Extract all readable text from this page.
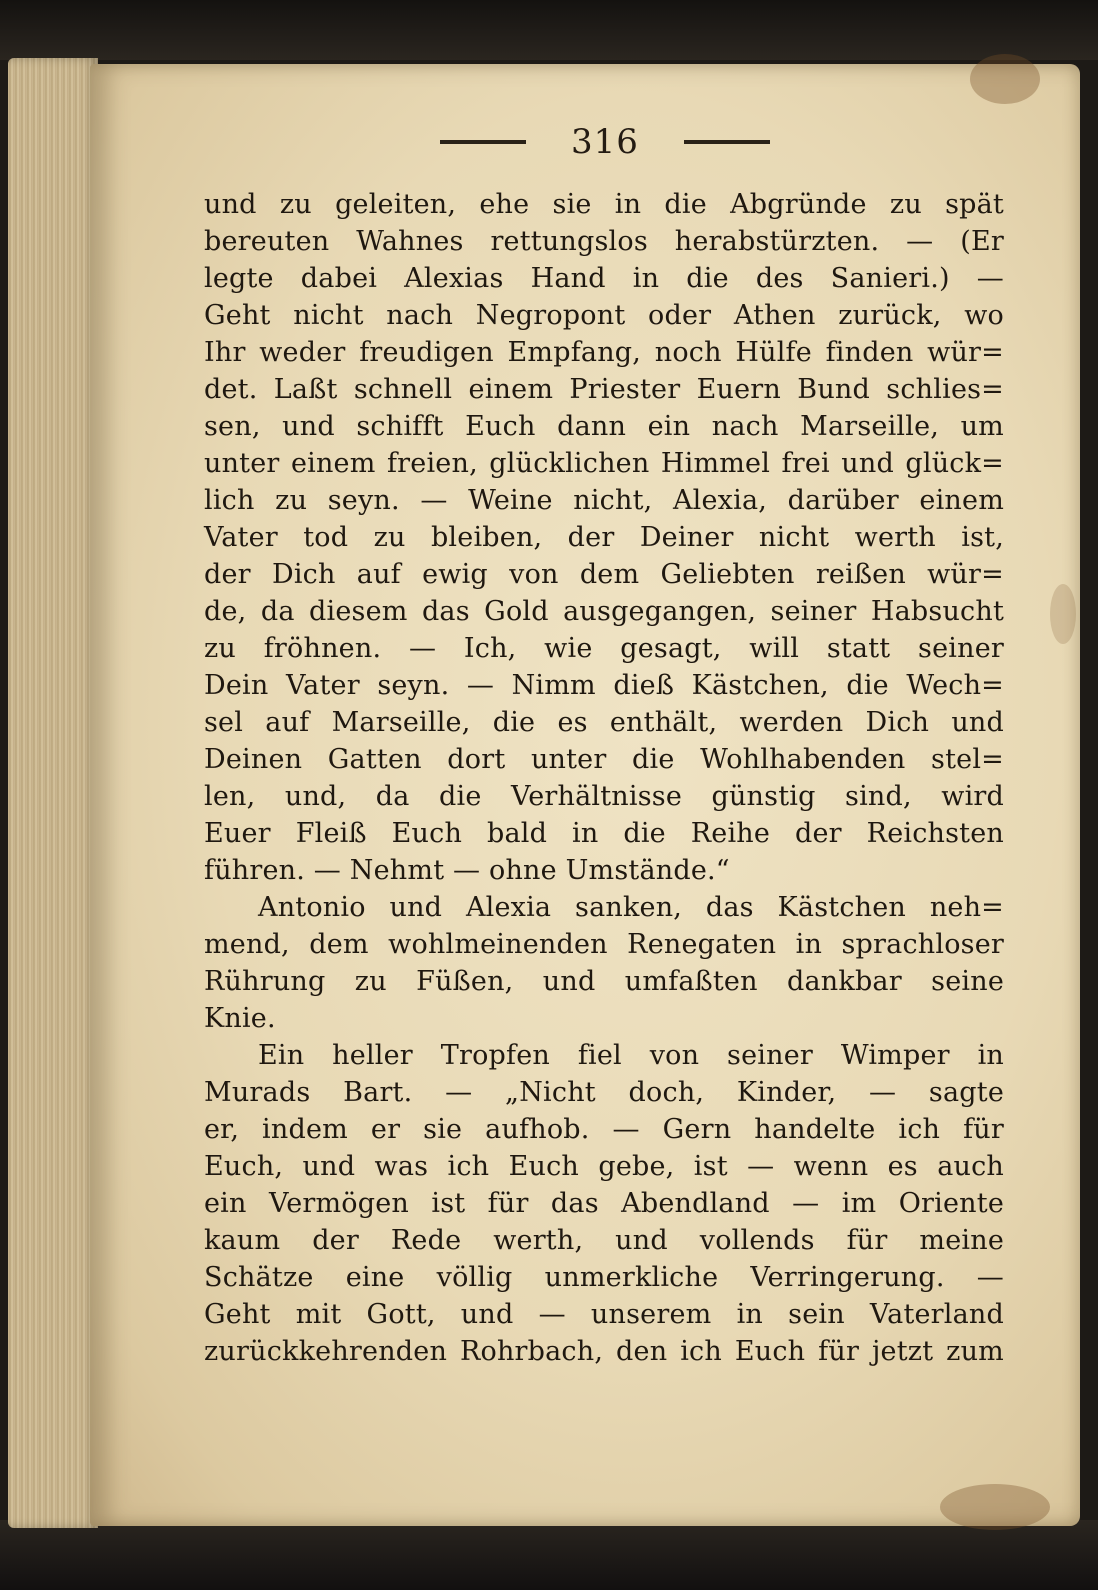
316
und zu geleiten, ehe sie in die Abgründe zu spät
bereuten Wahnes rettungslos herabstürzten. — (Er
legte dabei Alexias Hand in die des Sanieri.) —
Geht nicht nach Negropont oder Athen zurück, wo
Ihr weder freudigen Empfang, noch Hülfe finden wür=
det. Laßt schnell einem Priester Euern Bund schlies=
sen, und schifft Euch dann ein nach Marseille, um
unter einem freien, glücklichen Himmel frei und glück=
lich zu seyn. — Weine nicht, Alexia, darüber einem
Vater tod zu bleiben, der Deiner nicht werth ist,
der Dich auf ewig von dem Geliebten reißen wür=
de, da diesem das Gold ausgegangen, seiner Habsucht
zu fröhnen. — Ich, wie gesagt, will statt seiner
Dein Vater seyn. — Nimm dieß Kästchen, die Wech=
sel auf Marseille, die es enthält, werden Dich und
Deinen Gatten dort unter die Wohlhabenden stel=
len, und, da die Verhältnisse günstig sind, wird
Euer Fleiß Euch bald in die Reihe der Reichsten
führen. — Nehmt — ohne Umstände.“
Antonio und Alexia sanken, das Kästchen neh=
mend, dem wohlmeinenden Renegaten in sprachloser
Rührung zu Füßen, und umfaßten dankbar seine
Knie.
Ein heller Tropfen fiel von seiner Wimper in
Murads Bart. — „Nicht doch, Kinder, — sagte
er, indem er sie aufhob. — Gern handelte ich für
Euch, und was ich Euch gebe, ist — wenn es auch
ein Vermögen ist für das Abendland — im Oriente
kaum der Rede werth, und vollends für meine
Schätze eine völlig unmerkliche Verringerung. —
Geht mit Gott, und — unserem in sein Vaterland
zurückkehrenden Rohrbach, den ich Euch für jetzt zum
